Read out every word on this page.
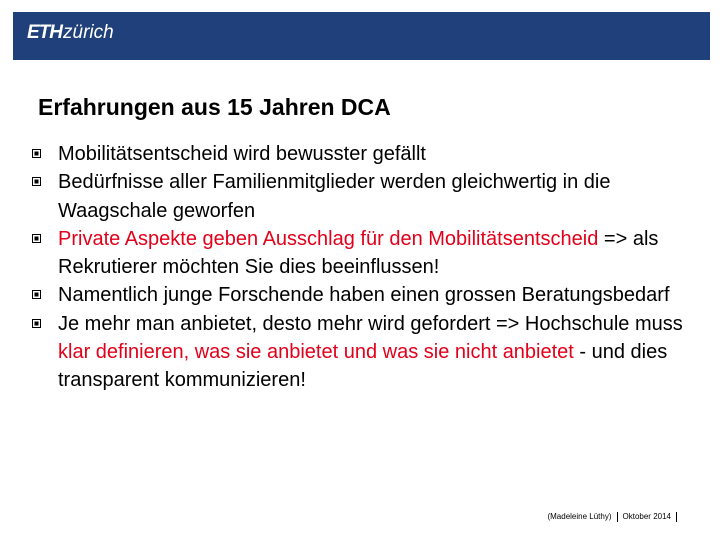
ETHzürich
Erfahrungen aus 15 Jahren DCA
Mobilitätsentscheid wird bewusster gefällt
Bedürfnisse aller Familienmitglieder werden gleichwertig in die Waagschale geworfen
Private Aspekte geben Ausschlag für den Mobilitätsentscheid => als Rekrutierer möchten Sie dies beeinflussen!
Namentlich junge Forschende haben einen grossen Beratungsbedarf
Je mehr man anbietet, desto mehr wird gefordert => Hochschule muss klar definieren, was sie anbietet und was sie nicht anbietet - und dies transparent kommunizieren!
(Madeleine Lüthy) Oktober 2014
